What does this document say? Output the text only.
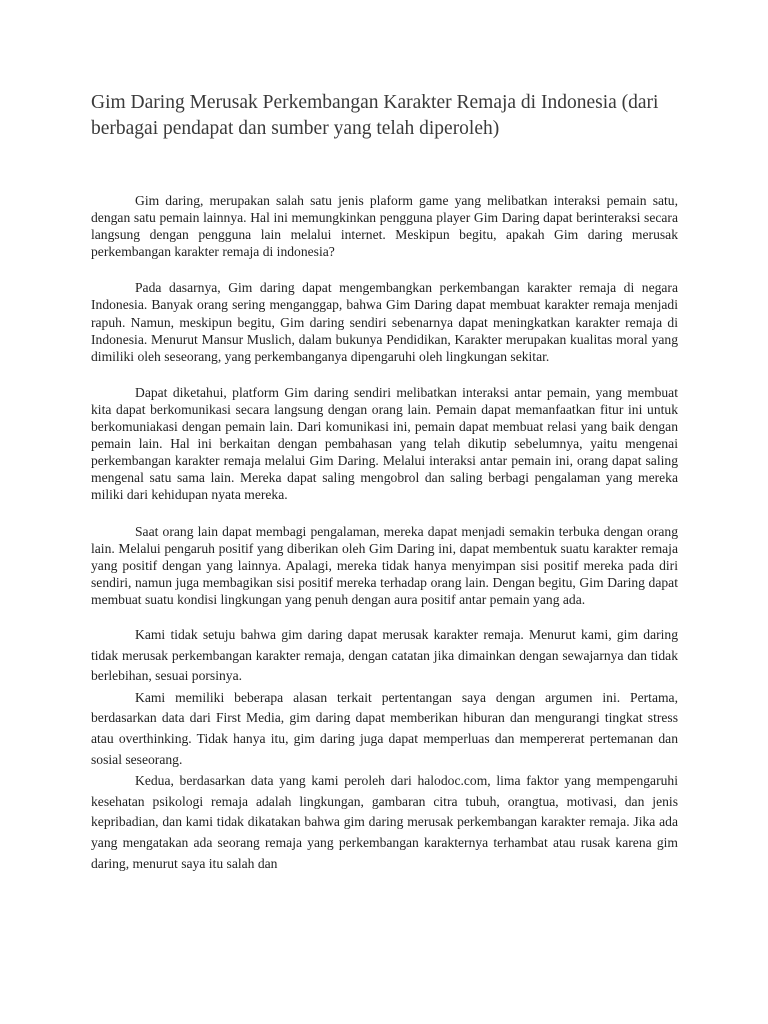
Gim Daring Merusak Perkembangan Karakter Remaja di Indonesia (dari berbagai pendapat dan sumber yang telah diperoleh)

Gim daring, merupakan salah satu jenis plaform game yang melibatkan interaksi pemain satu, dengan satu pemain lainnya. Hal ini memungkinkan pengguna player Gim Daring dapat berinteraksi secara langsung dengan pengguna lain melalui internet. Meskipun begitu, apakah Gim daring merusak perkembangan karakter remaja di indonesia?

Pada dasarnya, Gim daring dapat mengembangkan perkembangan karakter remaja di negara Indonesia. Banyak orang sering menganggap, bahwa Gim Daring dapat membuat karakter remaja menjadi rapuh. Namun, meskipun begitu, Gim daring sendiri sebenarnya dapat meningkatkan karakter remaja di Indonesia. Menurut Mansur Muslich, dalam bukunya Pendidikan, Karakter merupakan kualitas moral yang dimiliki oleh seseorang, yang perkembanganya dipengaruhi oleh lingkungan sekitar.

Dapat diketahui, platform Gim daring sendiri melibatkan interaksi antar pemain, yang membuat kita dapat berkomunikasi secara langsung dengan orang lain. Pemain dapat memanfaatkan fitur ini untuk berkomuniakasi dengan pemain lain. Dari komunikasi ini, pemain dapat membuat relasi yang baik dengan pemain lain. Hal ini berkaitan dengan pembahasan yang telah dikutip sebelumnya, yaitu mengenai perkembangan karakter remaja melalui Gim Daring. Melalui interaksi antar pemain ini, orang dapat saling mengenal satu sama lain. Mereka dapat saling mengobrol dan saling berbagi pengalaman yang mereka miliki dari kehidupan nyata mereka.

Saat orang lain dapat membagi pengalaman, mereka dapat menjadi semakin terbuka dengan orang lain. Melalui pengaruh positif yang diberikan oleh Gim Daring ini, dapat membentuk suatu karakter remaja yang positif dengan yang lainnya. Apalagi, mereka tidak hanya menyimpan sisi positif mereka pada diri sendiri, namun juga membagikan sisi positif mereka terhadap orang lain. Dengan begitu, Gim Daring dapat membuat suatu kondisi lingkungan yang penuh dengan aura positif antar pemain yang ada.

Kami tidak setuju bahwa gim daring dapat merusak karakter remaja. Menurut kami, gim daring tidak merusak perkembangan karakter remaja, dengan catatan jika dimainkan dengan sewajarnya dan tidak berlebihan, sesuai porsinya.

Kami memiliki beberapa alasan terkait pertentangan saya dengan argumen ini. Pertama, berdasarkan data dari First Media, gim daring dapat memberikan hiburan dan mengurangi tingkat stress atau overthinking. Tidak hanya itu, gim daring juga dapat memperluas dan mempererat pertemanan dan sosial seseorang.

Kedua, berdasarkan data yang kami peroleh dari halodoc.com, lima faktor yang mempengaruhi kesehatan psikologi remaja adalah lingkungan, gambaran citra tubuh, orangtua, motivasi, dan jenis kepribadian, dan kami tidak dikatakan bahwa gim daring merusak perkembangan karakter remaja. Jika ada yang mengatakan ada seorang remaja yang perkembangan karakternya terhambat atau rusak karena gim daring, menurut saya itu salah dan
